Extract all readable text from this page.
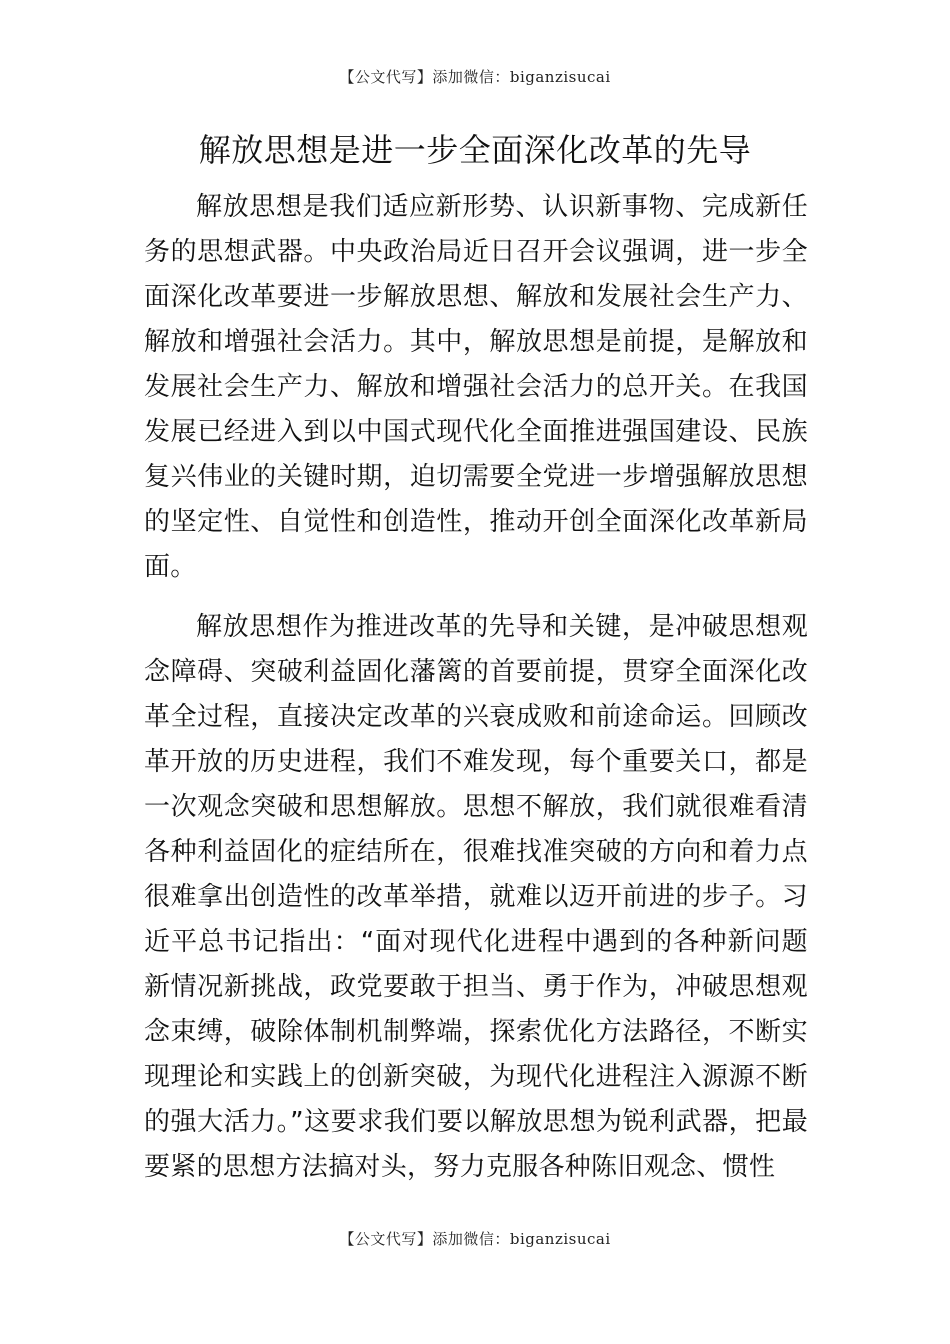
【公文代写】添加微信：biganzisucai
解放思想是进一步全面深化改革的先导

解放思想是我们适应新形势、认识新事物、完成新任务的思想武器。中央政治局近日召开会议强调，进一步全面深化改革要进一步解放思想、解放和发展社会生产力、解放和增强社会活力。其中，解放思想是前提，是解放和发展社会生产力、解放和增强社会活力的总开关。在我国发展已经进入到以中国式现代化全面推进强国建设、民族复兴伟业的关键时期，迫切需要全党进一步增强解放思想的坚定性、自觉性和创造性，推动开创全面深化改革新局面。

解放思想作为推进改革的先导和关键，是冲破思想观念障碍、突破利益固化藩篱的首要前提，贯穿全面深化改革全过程，直接决定改革的兴衰成败和前途命运。回顾改革开放的历史进程，我们不难发现，每个重要关口，都是一次观念突破和思想解放。思想不解放，我们就很难看清各种利益固化的症结所在，很难找准突破的方向和着力点很难拿出创造性的改革举措，就难以迈开前进的步子。习近平总书记指出：“面对现代化进程中遇到的各种新问题新情况新挑战，政党要敢于担当、勇于作为，冲破思想观念束缚，破除体制机制弊端，探索优化方法路径，不断实现理论和实践上的创新突破，为现代化进程注入源源不断的强大活力。”这要求我们要以解放思想为锐利武器，把最要紧的思想方法搞对头，努力克服各种陈旧观念、惯性

【公文代写】添加微信：biganzisucai
